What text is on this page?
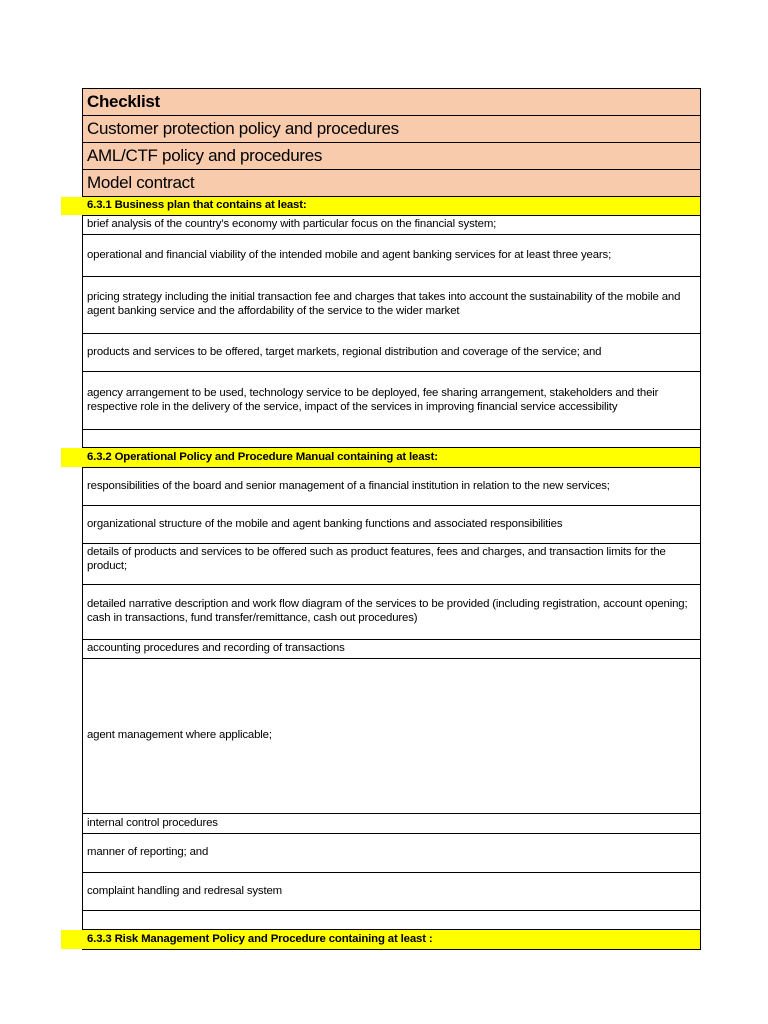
Checklist
Customer protection policy and procedures
AML/CTF policy and procedures
Model contract
6.3.1 Business plan that contains at least:
brief analysis of the country’s economy with particular focus on the financial system;
operational and financial viability of the intended mobile and agent banking services for at least three years;
pricing strategy including the initial transaction fee and charges that takes into account the sustainability of the mobile and agent banking service and the affordability of the service to the wider market
products and services to be offered, target markets, regional distribution and coverage of the service; and
agency arrangement to be used, technology service to be deployed, fee sharing arrangement, stakeholders and their respective role in the delivery of the service, impact of the services in improving financial service accessibility
6.3.2 Operational Policy and Procedure Manual containing at least:
responsibilities of the board and senior management of a financial institution in relation to the new services;
organizational structure of the mobile and agent banking functions and associated responsibilities
details of products and services to be offered such as product features, fees and charges, and transaction limits for the product;
detailed narrative description and work flow diagram of the services to be provided (including registration, account opening; cash in transactions, fund transfer/remittance, cash out procedures)
accounting procedures and recording of transactions
agent management where applicable;
internal control procedures
manner of reporting; and
complaint handling and redresal system
6.3.3 Risk Management Policy and Procedure containing at least :
